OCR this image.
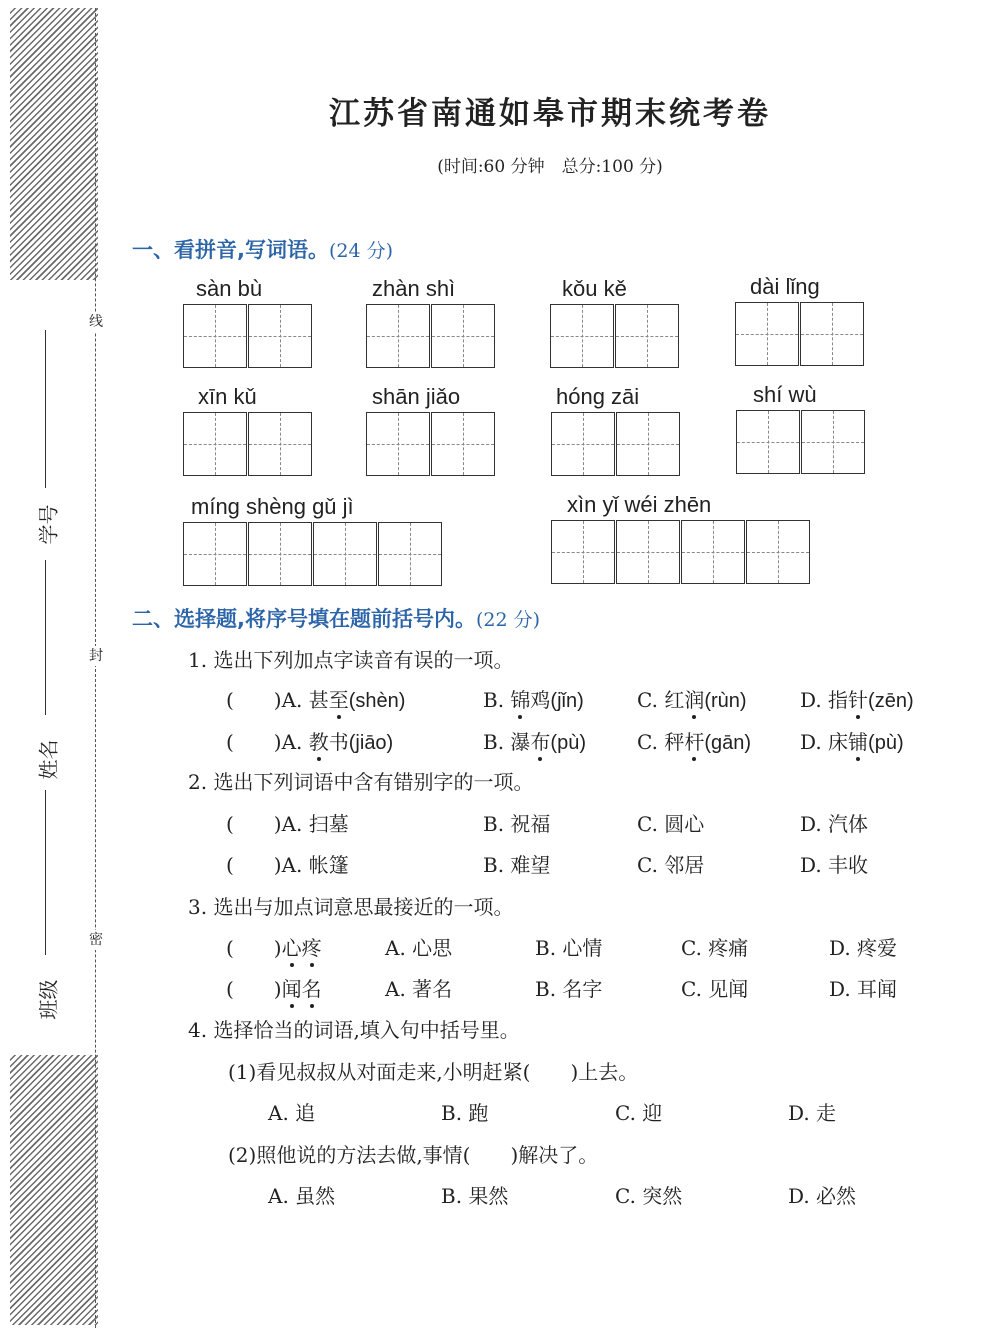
线
封
密
学号
姓名
班级
江苏省南通如皋市期末统考卷
(时间:60 分钟　总分:100 分)
一、看拼音,写词语。(24 分)
sàn bù	zhàn shì	kǒu kě	dài lǐng
xīn kǔ	shān jiǎo	hóng zāi	shí wù
míng shèng gǔ jì	xìn yǐ wéi zhēn
二、选择题,将序号填在题前括号内。(22 分)
1. 选出下列加点字读音有误的一项。
(　　)A. 甚至(shèn)	B. 锦鸡(jǐn)	C. 红润(rùn)	D. 指针(zēn)
(　　)A. 教书(jiāo)	B. 瀑布(pù)	C. 秤杆(gān) D. 床铺(pù)
2. 选出下列词语中含有错别字的一项。
(　　)A. 扫墓	B. 祝福	C. 圆心	D. 汽体
(　　)A. 帐篷	B. 难望	C. 邻居	D. 丰收
3. 选出与加点词意思最接近的一项。
(　　)心疼	A. 心思	B. 心情	C. 疼痛	D. 疼爱
(　　)闻名	A. 著名	B. 名字	C. 见闻	D. 耳闻
4. 选择恰当的词语,填入句中括号里。
(1)看见叔叔从对面走来,小明赶紧(　　)上去。
A. 追	B. 跑	C. 迎	D. 走
(2)照他说的方法去做,事情(　　)解决了。
A. 虽然	B. 果然	C. 突然	D. 必然
